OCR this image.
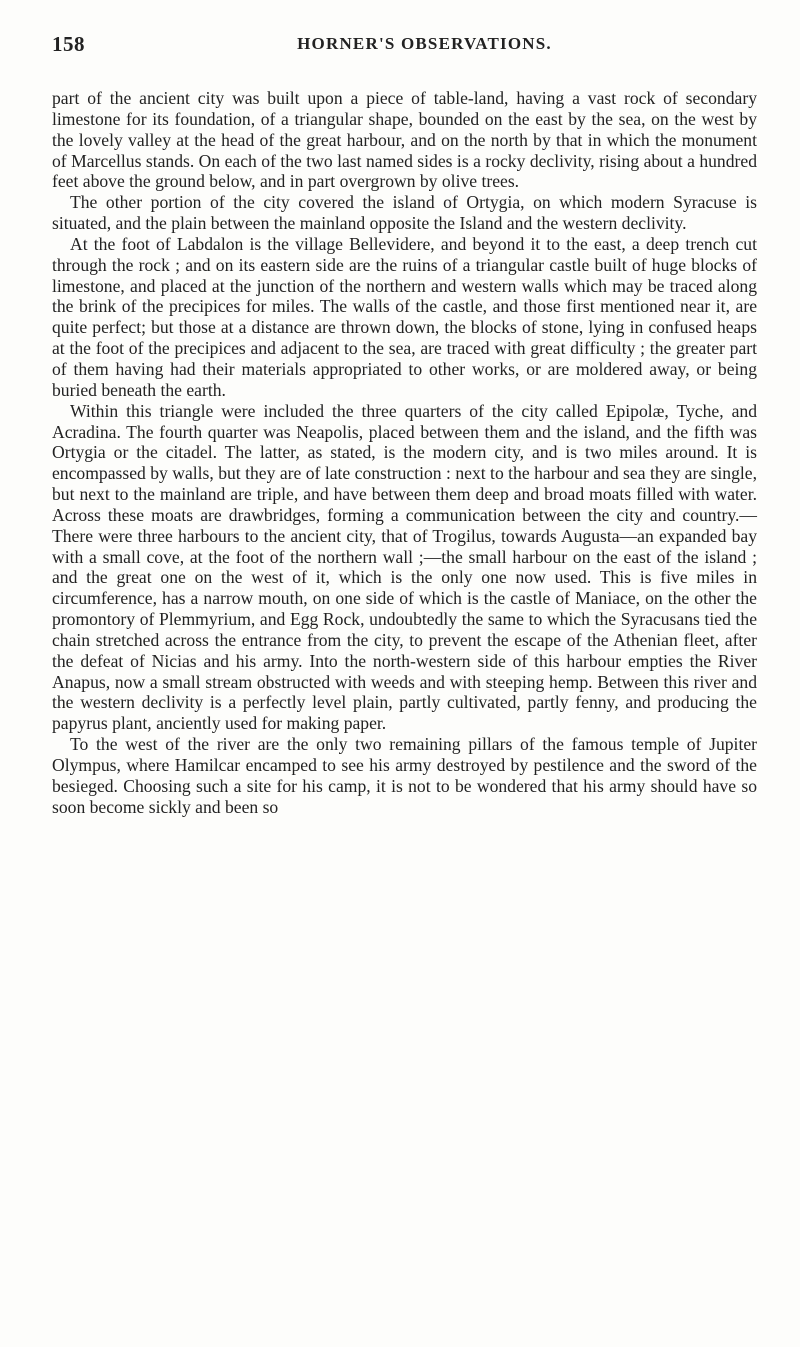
158	HORNER'S OBSERVATIONS.

part of the ancient city was built upon a piece of table-land, having a vast rock of secondary limestone for its foundation, of a triangular shape, bounded on the east by the sea, on the west by the lovely valley at the head of the great harbour, and on the north by that in which the monument of Marcellus stands. On each of the two last named sides is a rocky declivity, rising about a hundred feet above the ground below, and in part overgrown by olive trees.

The other portion of the city covered the island of Ortygia, on which modern Syracuse is situated, and the plain between the mainland opposite the Island and the western declivity.

At the foot of Labdalon is the village Bellevidere, and beyond it to the east, a deep trench cut through the rock ; and on its eastern side are the ruins of a triangular castle built of huge blocks of limestone, and placed at the junction of the northern and western walls which may be traced along the brink of the precipices for miles. The walls of the castle, and those first mentioned near it, are quite perfect; but those at a distance are thrown down, the blocks of stone, lying in confused heaps at the foot of the precipices and adjacent to the sea, are traced with great difficulty ; the greater part of them having had their materials appropriated to other works, or are moldered away, or being buried beneath the earth.

Within this triangle were included the three quarters of the city called Epipolæ, Tyche, and Acradina. The fourth quarter was Neapolis, placed between them and the island, and the fifth was Ortygia or the citadel. The latter, as stated, is the modern city, and is two miles around. It is encompassed by walls, but they are of late construction : next to the harbour and sea they are single, but next to the mainland are triple, and have between them deep and broad moats filled with water. Across these moats are drawbridges, forming a communication between the city and country.—There were three harbours to the ancient city, that of Trogilus, towards Augusta—an expanded bay with a small cove, at the foot of the northern wall ;—the small harbour on the east of the island ; and the great one on the west of it, which is the only one now used. This is five miles in circumference, has a narrow mouth, on one side of which is the castle of Maniace, on the other the promontory of Plemmyrium, and Egg Rock, undoubtedly the same to which the Syracusans tied the chain stretched across the entrance from the city, to prevent the escape of the Athenian fleet, after the defeat of Nicias and his army. Into the north-western side of this harbour empties the River Anapus, now a small stream obstructed with weeds and with steeping hemp. Between this river and the western declivity is a perfectly level plain, partly cultivated, partly fenny, and producing the papyrus plant, anciently used for making paper.

To the west of the river are the only two remaining pillars of the famous temple of Jupiter Olympus, where Hamilcar encamped to see his army destroyed by pestilence and the sword of the besieged. Choosing such a site for his camp, it is not to be wondered that his army should have so soon become sickly and been so
